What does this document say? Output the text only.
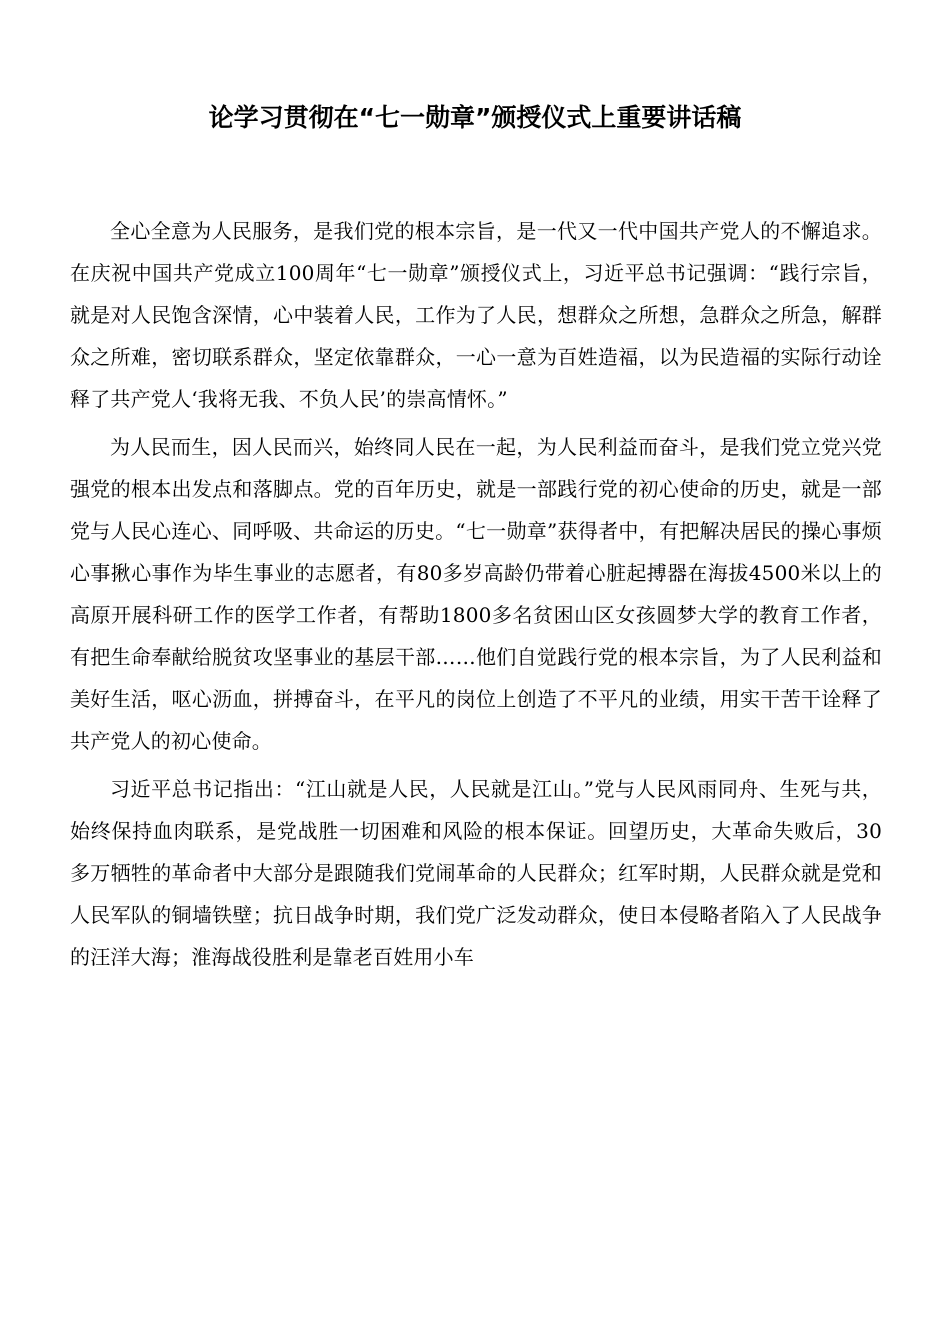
论学习贯彻在“七一勋章”颁授仪式上重要讲话稿

全心全意为人民服务，是我们党的根本宗旨，是一代又一代中国共产党人的不懈追求。在庆祝中国共产党成立100周年“七一勋章”颁授仪式上，习近平总书记强调：“践行宗旨，就是对人民饱含深情，心中装着人民，工作为了人民，想群众之所想，急群众之所急，解群众之所难，密切联系群众，坚定依靠群众，一心一意为百姓造福，以为民造福的实际行动诠释了共产党人‘我将无我、不负人民’的崇高情怀。”

为人民而生，因人民而兴，始终同人民在一起，为人民利益而奋斗，是我们党立党兴党强党的根本出发点和落脚点。党的百年历史，就是一部践行党的初心使命的历史，就是一部党与人民心连心、同呼吸、共命运的历史。“七一勋章”获得者中，有把解决居民的操心事烦心事揪心事作为毕生事业的志愿者，有80多岁高龄仍带着心脏起搏器在海拔4500米以上的高原开展科研工作的医学工作者，有帮助1800多名贫困山区女孩圆梦大学的教育工作者，有把生命奉献给脱贫攻坚事业的基层干部……他们自觉践行党的根本宗旨，为了人民利益和美好生活，呕心沥血，拼搏奋斗，在平凡的岗位上创造了不平凡的业绩，用实干苦干诠释了共产党人的初心使命。

习近平总书记指出：“江山就是人民，人民就是江山。”党与人民风雨同舟、生死与共，始终保持血肉联系，是党战胜一切困难和风险的根本保证。回望历史，大革命失败后，30多万牺牲的革命者中大部分是跟随我们党闹革命的人民群众；红军时期，人民群众就是党和人民军队的铜墙铁壁；抗日战争时期，我们党广泛发动群众，使日本侵略者陷入了人民战争的汪洋大海；淮海战役胜利是靠老百姓用小车
